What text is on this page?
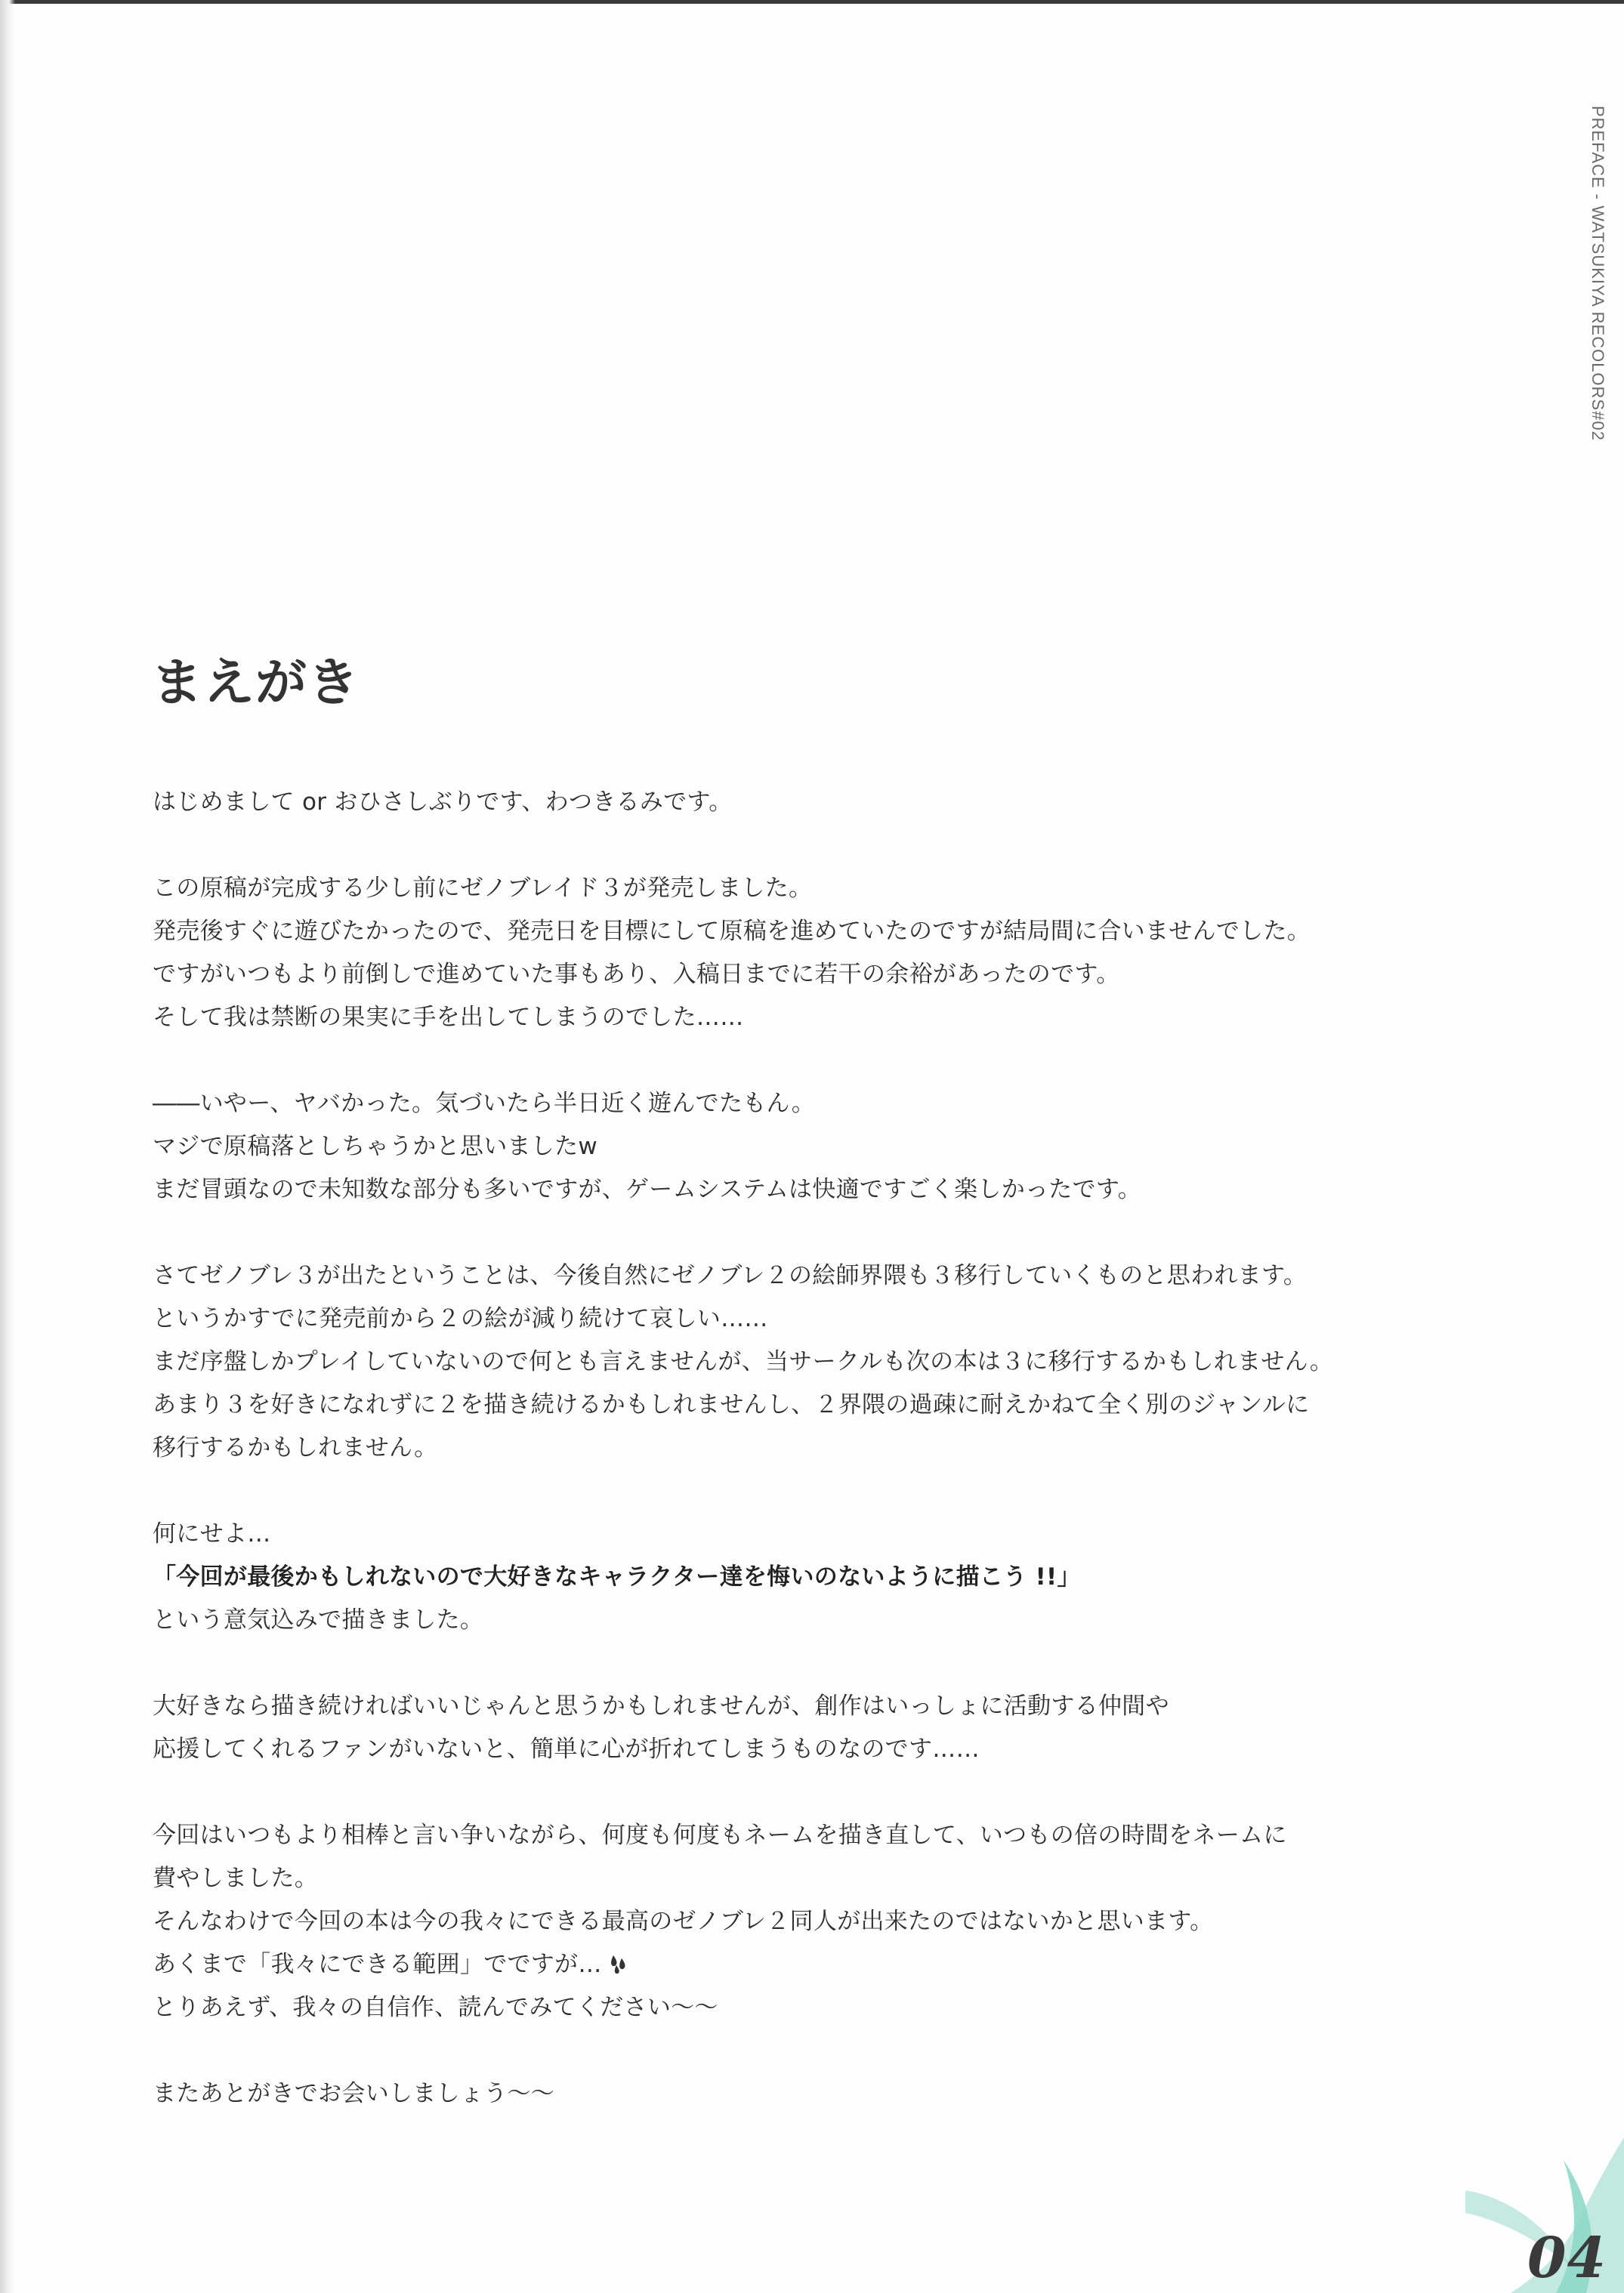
PREFACE - WATSUKIYA RECOLORS#02
まえがき
はじめまして or おひさしぶりです、わつきるみです。
この原稿が完成する少し前にゼノブレイド３が発売しました。
発売後すぐに遊びたかったので、発売日を目標にして原稿を進めていたのですが結局間に合いませんでした。
ですがいつもより前倒しで進めていた事もあり、入稿日までに若干の余裕があったのです。
そして我は禁断の果実に手を出してしまうのでした……
――いやー、ヤバかった。気づいたら半日近く遊んでたもん。
マジで原稿落としちゃうかと思いましたw
まだ冒頭なので未知数な部分も多いですが、ゲームシステムは快適ですごく楽しかったです。
さてゼノブレ３が出たということは、今後自然にゼノブレ２の絵師界隈も３移行していくものと思われます。
というかすでに発売前から２の絵が減り続けて哀しい……
まだ序盤しかプレイしていないので何とも言えませんが、当サークルも次の本は３に移行するかもしれません。
あまり３を好きになれずに２を描き続けるかもしれませんし、２界隈の過疎に耐えかねて全く別のジャンルに
移行するかもしれません。
何にせよ…
「今回が最後かもしれないので大好きなキャラクター達を悔いのないように描こう !!」
という意気込みで描きました。
大好きなら描き続ければいいじゃんと思うかもしれませんが、創作はいっしょに活動する仲間や
応援してくれるファンがいないと、簡単に心が折れてしまうものなのです……
今回はいつもより相棒と言い争いながら、何度も何度もネームを描き直して、いつもの倍の時間をネームに
費やしました。
そんなわけで今回の本は今の我々にできる最高のゼノブレ２同人が出来たのではないかと思います。
あくまで「我々にできる範囲」でですが…
とりあえず、我々の自信作、読んでみてください～～
またあとがきでお会いしましょう～～
04
